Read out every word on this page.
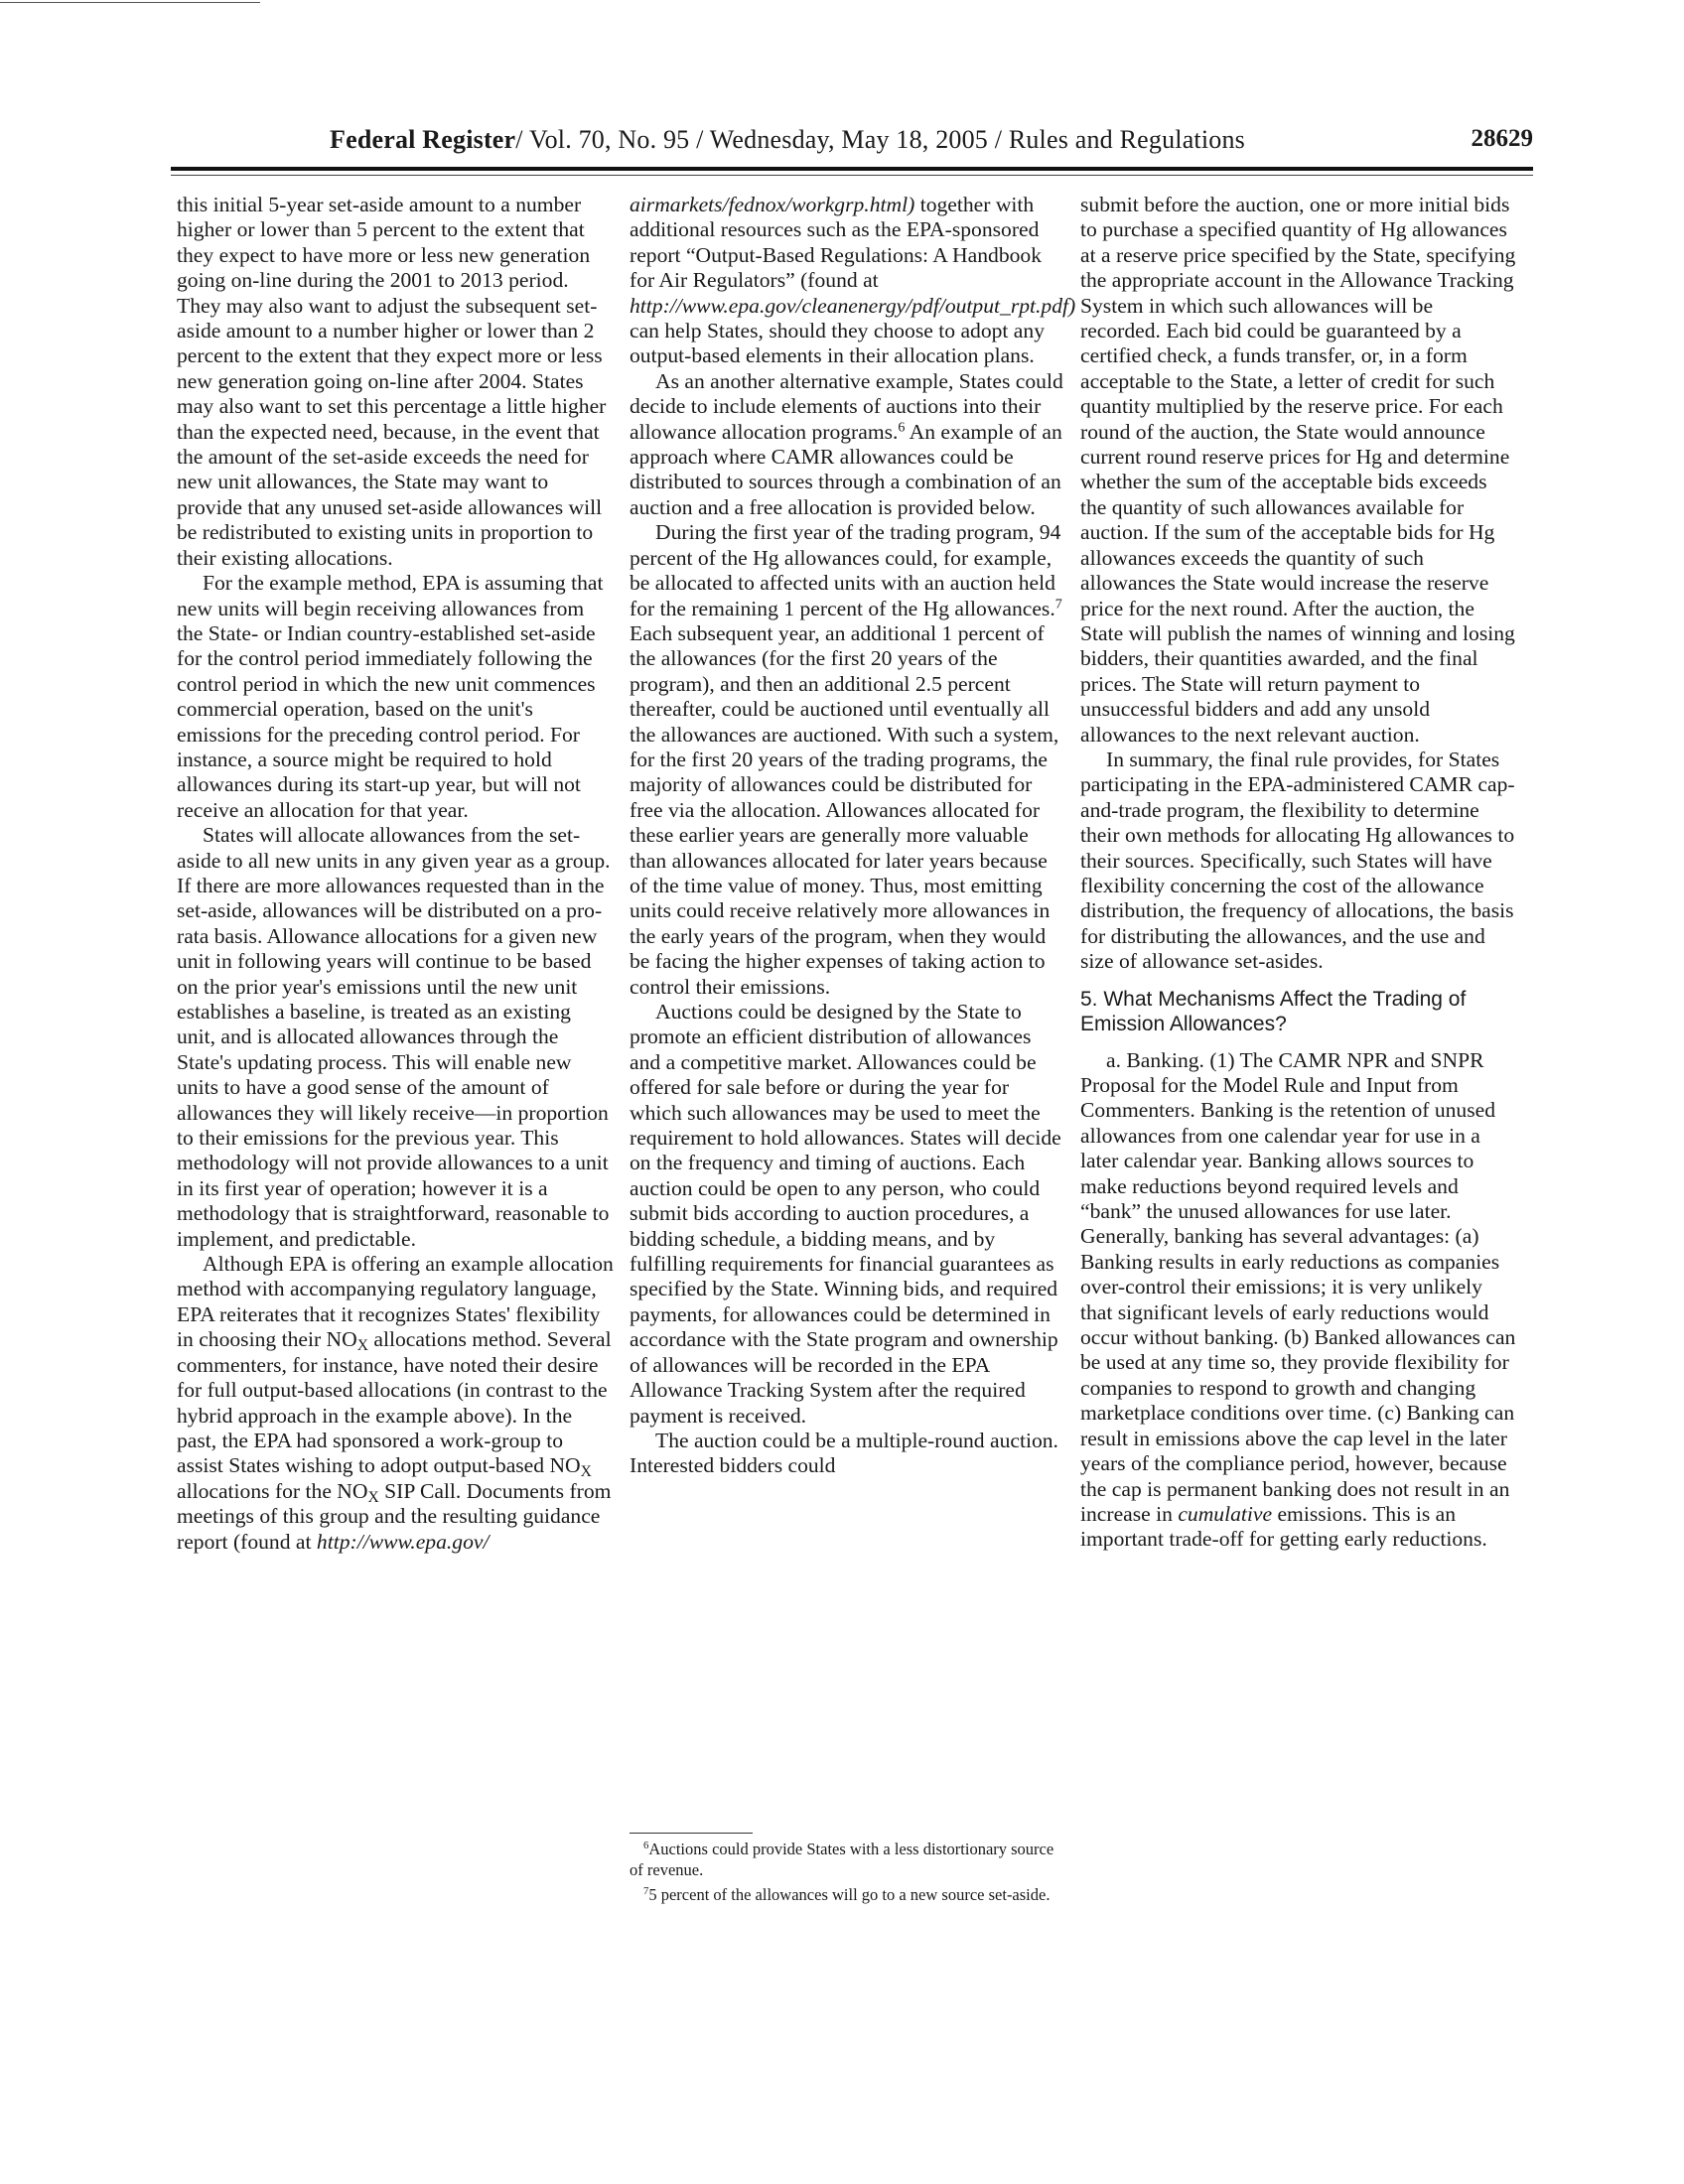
Federal Register/ Vol. 70, No. 95 / Wednesday, May 18, 2005 / Rules and Regulations	28629

this initial 5-year set-aside amount to a number higher or lower than 5 percent to the extent that they expect to have more or less new generation going on-line during the 2001 to 2013 period. They may also want to adjust the subsequent set-aside amount to a number higher or lower than 2 percent to the extent that they expect more or less new generation going on-line after 2004. States may also want to set this percentage a little higher than the expected need, because, in the event that the amount of the set-aside exceeds the need for new unit allowances, the State may want to provide that any unused set-aside allowances will be redistributed to existing units in proportion to their existing allocations.

For the example method, EPA is assuming that new units will begin receiving allowances from the State- or Indian country-established set-aside for the control period immediately following the control period in which the new unit commences commercial operation, based on the unit's emissions for the preceding control period. For instance, a source might be required to hold allowances during its start-up year, but will not receive an allocation for that year.

States will allocate allowances from the set-aside to all new units in any given year as a group. If there are more allowances requested than in the set-aside, allowances will be distributed on a pro-rata basis. Allowance allocations for a given new unit in following years will continue to be based on the prior year's emissions until the new unit establishes a baseline, is treated as an existing unit, and is allocated allowances through the State's updating process. This will enable new units to have a good sense of the amount of allowances they will likely receive—in proportion to their emissions for the previous year. This methodology will not provide allowances to a unit in its first year of operation; however it is a methodology that is straightforward, reasonable to implement, and predictable.

Although EPA is offering an example allocation method with accompanying regulatory language, EPA reiterates that it recognizes States' flexibility in choosing their $NO_X$ allocations method. Several commenters, for instance, have noted their desire for full output-based allocations (in contrast to the hybrid approach in the example above). In the past, the EPA had sponsored a work-group to assist States wishing to adopt output-based $NO_X$ allocations for the $NO_X$ SIP Call. Documents from meetings of this group and the resulting guidance report (found at http://www.epa.gov/

airmarkets/fednox/workgrp.html) together with additional resources such as the EPA-sponsored report “Output-Based Regulations: A Handbook for Air Regulators” (found at http://www.epa.gov/cleanenergy/pdf/output_rpt.pdf) can help States, should they choose to adopt any output-based elements in their allocation plans.

As an another alternative example, States could decide to include elements of auctions into their allowance allocation programs.$^6$ An example of an approach where CAMR allowances could be distributed to sources through a combination of an auction and a free allocation is provided below.

During the first year of the trading program, 94 percent of the Hg allowances could, for example, be allocated to affected units with an auction held for the remaining 1 percent of the Hg allowances.$^7$ Each subsequent year, an additional 1 percent of the allowances (for the first 20 years of the program), and then an additional 2.5 percent thereafter, could be auctioned until eventually all the allowances are auctioned. With such a system, for the first 20 years of the trading programs, the majority of allowances could be distributed for free via the allocation. Allowances allocated for these earlier years are generally more valuable than allowances allocated for later years because of the time value of money. Thus, most emitting units could receive relatively more allowances in the early years of the program, when they would be facing the higher expenses of taking action to control their emissions.

Auctions could be designed by the State to promote an efficient distribution of allowances and a competitive market. Allowances could be offered for sale before or during the year for which such allowances may be used to meet the requirement to hold allowances. States will decide on the frequency and timing of auctions. Each auction could be open to any person, who could submit bids according to auction procedures, a bidding schedule, a bidding means, and by fulfilling requirements for financial guarantees as specified by the State. Winning bids, and required payments, for allowances could be determined in accordance with the State program and ownership of allowances will be recorded in the EPA Allowance Tracking System after the required payment is received.

The auction could be a multiple-round auction. Interested bidders could

$^6$Auctions could provide States with a less distortionary source of revenue.

$^7$5 percent of the allowances will go to a new source set-aside.

submit before the auction, one or more initial bids to purchase a specified quantity of Hg allowances at a reserve price specified by the State, specifying the appropriate account in the Allowance Tracking System in which such allowances will be recorded. Each bid could be guaranteed by a certified check, a funds transfer, or, in a form acceptable to the State, a letter of credit for such quantity multiplied by the reserve price. For each round of the auction, the State would announce current round reserve prices for Hg and determine whether the sum of the acceptable bids exceeds the quantity of such allowances available for auction. If the sum of the acceptable bids for Hg allowances exceeds the quantity of such allowances the State would increase the reserve price for the next round. After the auction, the State will publish the names of winning and losing bidders, their quantities awarded, and the final prices. The State will return payment to unsuccessful bidders and add any unsold allowances to the next relevant auction.

In summary, the final rule provides, for States participating in the EPA-administered CAMR cap-and-trade program, the flexibility to determine their own methods for allocating Hg allowances to their sources. Specifically, such States will have flexibility concerning the cost of the allowance distribution, the frequency of allocations, the basis for distributing the allowances, and the use and size of allowance set-asides.

5. What Mechanisms Affect the Trading of Emission Allowances?

a. Banking. (1) The CAMR NPR and SNPR Proposal for the Model Rule and Input from Commenters. Banking is the retention of unused allowances from one calendar year for use in a later calendar year. Banking allows sources to make reductions beyond required levels and “bank” the unused allowances for use later. Generally, banking has several advantages: (a) Banking results in early reductions as companies over-control their emissions; it is very unlikely that significant levels of early reductions would occur without banking. (b) Banked allowances can be used at any time so, they provide flexibility for companies to respond to growth and changing marketplace conditions over time. (c) Banking can result in emissions above the cap level in the later years of the compliance period, however, because the cap is permanent banking does not result in an increase in cumulative emissions. This is an important trade-off for getting early reductions.
